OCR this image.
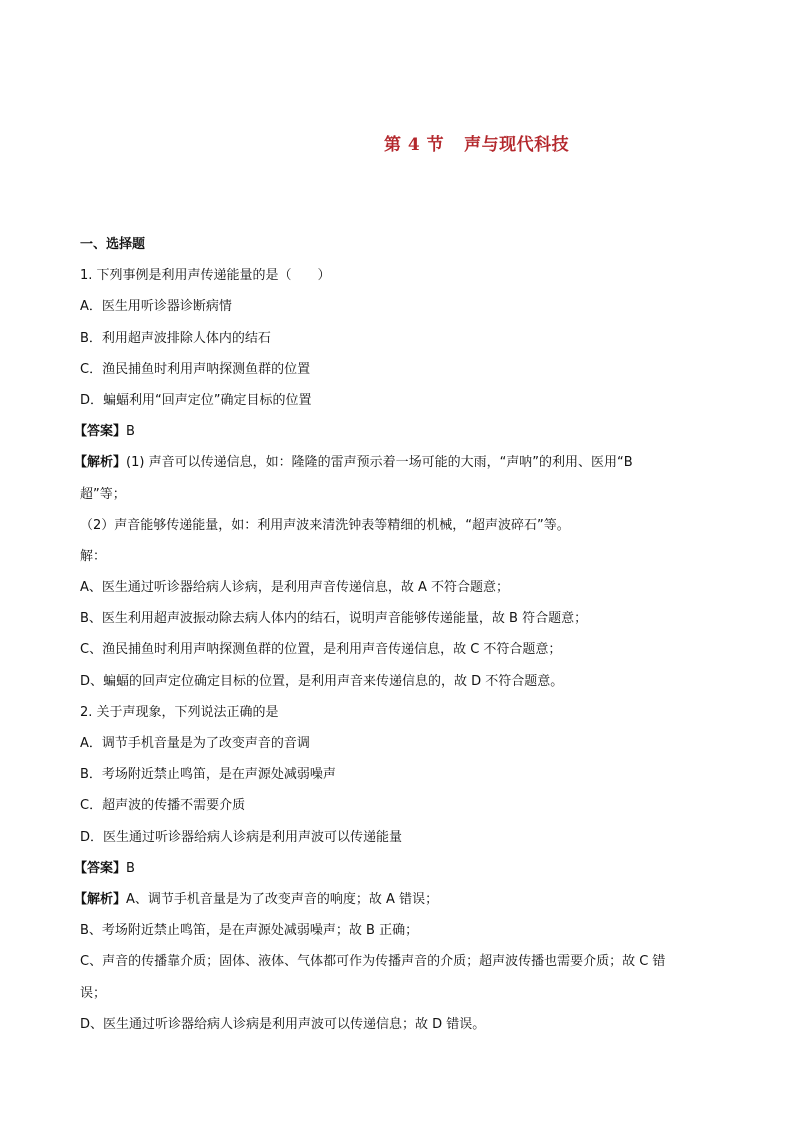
第 4 节 声与现代科技
一、选择题
1. 下列事例是利用声传递能量的是（　　）
A．医生用听诊器诊断病情
B．利用超声波排除人体内的结石
C．渔民捕鱼时利用声呐探测鱼群的位置
D．蝙蝠利用“回声定位”确定目标的位置
【答案】B
【解析】(1) 声音可以传递信息，如：隆隆的雷声预示着一场可能的大雨，“声呐”的利用、医用“B
超”等；
（2）声音能够传递能量，如：利用声波来清洗钟表等精细的机械，“超声波碎石”等。
解：
A、医生通过听诊器给病人诊病，是利用声音传递信息，故 A 不符合题意；
B、医生利用超声波振动除去病人体内的结石，说明声音能够传递能量，故 B 符合题意；
C、渔民捕鱼时利用声呐探测鱼群的位置，是利用声音传递信息，故 C 不符合题意；
D、蝙蝠的回声定位确定目标的位置，是利用声音来传递信息的，故 D 不符合题意。
2. 关于声现象，下列说法正确的是
A．调节手机音量是为了改变声音的音调
B．考场附近禁止鸣笛，是在声源处减弱噪声
C．超声波的传播不需要介质
D．医生通过听诊器给病人诊病是利用声波可以传递能量
【答案】B
【解析】A、调节手机音量是为了改变声音的响度；故 A 错误；
B、考场附近禁止鸣笛，是在声源处减弱噪声；故 B 正确；
C、声音的传播靠介质；固体、液体、气体都可作为传播声音的介质；超声波传播也需要介质；故 C 错
误；
D、医生通过听诊器给病人诊病是利用声波可以传递信息；故 D 错误。
